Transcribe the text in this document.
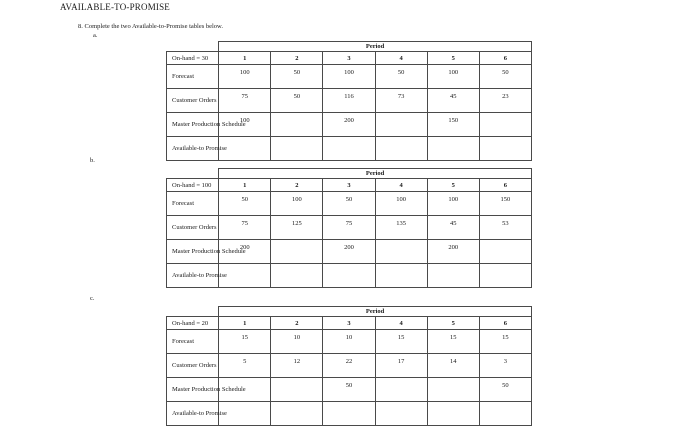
AVAILABLE-TO-PROMISE
8. Complete the two Available-to-Promise tables below.
a.
b.
c.
	Period					
On-hand = 30	1	2	3	4	5	6
Forecast	100	50	100	50	100	50
Customer Orders	75	50	116	73	45	23
Master Production Schedule	100		200		150	
Available-to Promise						
	Period					
On-hand = 100	1	2	3	4	5	6
Forecast	50	100	50	100	100	150
Customer Orders	75	125	75	135	45	53
Master Production Schedule	200		200		200	
Available-to Promise						
	Period					
On-hand = 20	1	2	3	4	5	6
Forecast	15	10	10	15	15	15
Customer Orders	5	12	22	17	14	3
Master Production Schedule			50			50
Available-to Promise						
